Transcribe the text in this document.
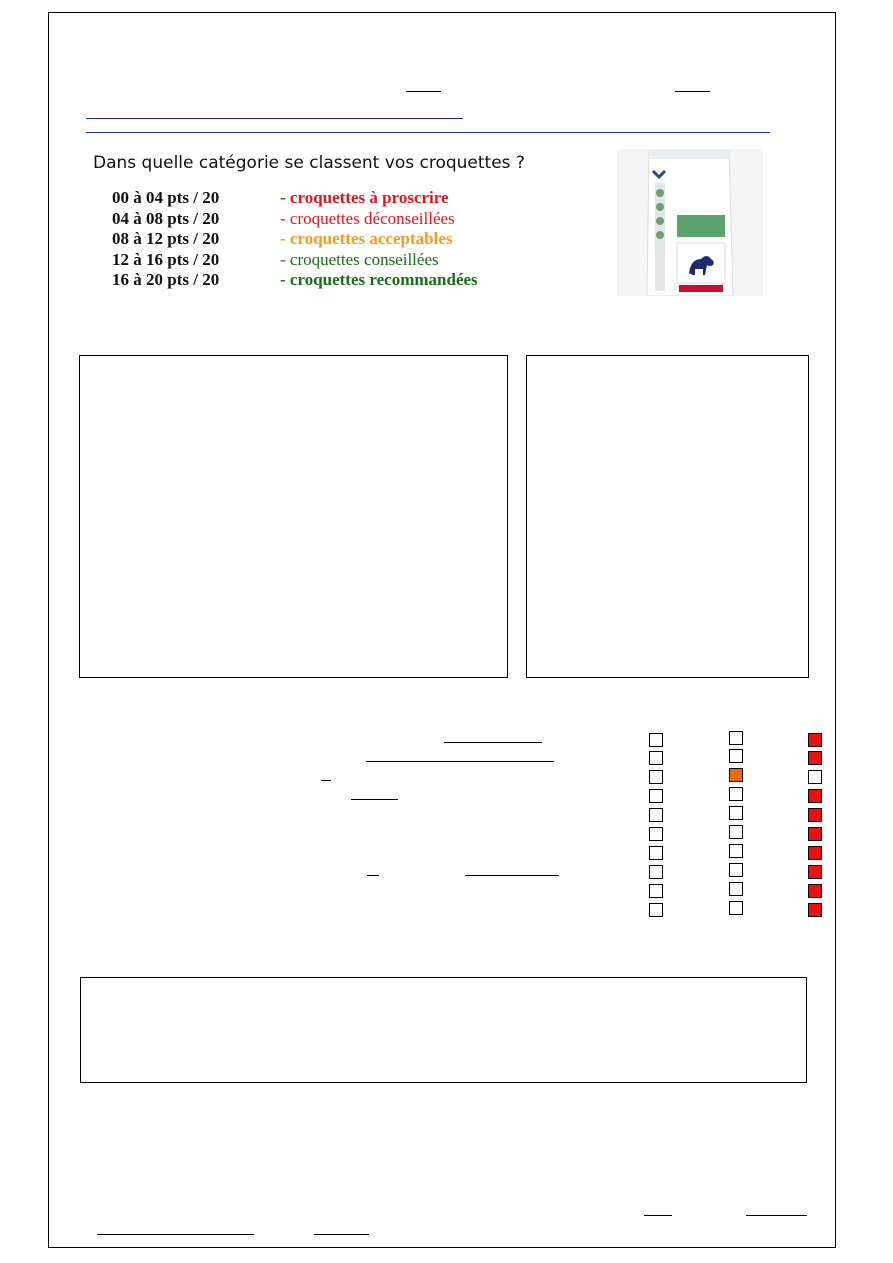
Dans quelle catégorie se classent vos croquettes ?
00 à 04 pts / 20	- croquettes à proscrire
04 à 08 pts / 20	- croquettes déconseillées
08 à 12 pts / 20	- croquettes acceptables
12 à 16 pts / 20	- croquettes conseillées
16 à 20 pts / 20	- croquettes recommandées
